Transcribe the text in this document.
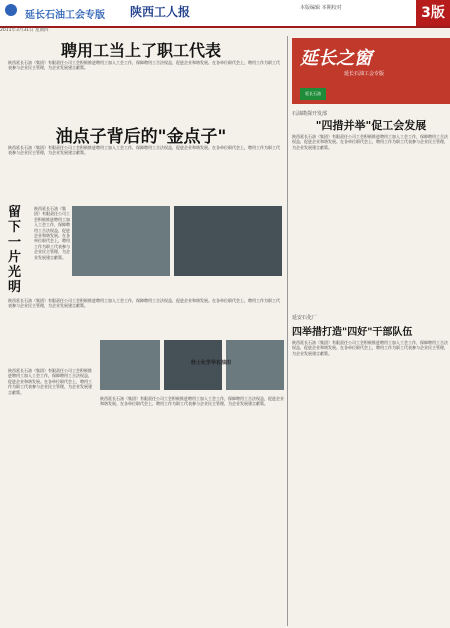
延长石油工会专版 陕西工人报	本版编辑 本期校对	3版
2011年3月31日 星期四
聘用工当上了职工代表
陕西延长石油（集团）有限责任公司工会积极推进聘用工加入工会工作，保障聘用工合法权益，促进企业和谐发展。在各单位职代会上，聘用工作为职工代表参与企业民主管理，为企业发展建言献策。
油点子背后的"金点子"
陕西延长石油（集团）有限责任公司工会积极推进聘用工加入工会工作，保障聘用工合法权益，促进企业和谐发展。在各单位职代会上，聘用工作为职工代表参与企业民主管理，为企业发展建言献策。
留下一片光明
陕西延长石油（集团）有限责任公司工会积极推进聘用工加入工会工作，保障聘用工合法权益，促进企业和谐发展。在各单位职代会上，聘用工作为职工代表参与企业民主管理，为企业发展建言献策。
陕西延长石油（集团）有限责任公司工会积极推进聘用工加入工会工作，保障聘用工合法权益，促进企业和谐发展。在各单位职代会上，聘用工作为职工代表参与企业民主管理，为企业发展建言献策。
陕西延长石油（集团）有限责任公司工会积极推进聘用工加入工会工作，保障聘用工合法权益，促进企业和谐发展。在各单位职代会上，聘用工作为职工代表参与企业民主管理，为企业发展建言献策。
胜士化学华在油田
陕西延长石油（集团）有限责任公司工会积极推进聘用工加入工会工作，保障聘用工合法权益，促进企业和谐发展。在各单位职代会上，聘用工作为职工代表参与企业民主管理，为企业发展建言献策。
延长之窗
延长石油工会专版
延长石油
石油勘探开发部
"四措并举"促工会发展
陕西延长石油（集团）有限责任公司工会积极推进聘用工加入工会工作，保障聘用工合法权益，促进企业和谐发展。在各单位职代会上，聘用工作为职工代表参与企业民主管理，为企业发展建言献策。
延安石化厂
四举措打造"四好"干部队伍
陕西延长石油（集团）有限责任公司工会积极推进聘用工加入工会工作，保障聘用工合法权益，促进企业和谐发展。在各单位职代会上，聘用工作为职工代表参与企业民主管理，为企业发展建言献策。
